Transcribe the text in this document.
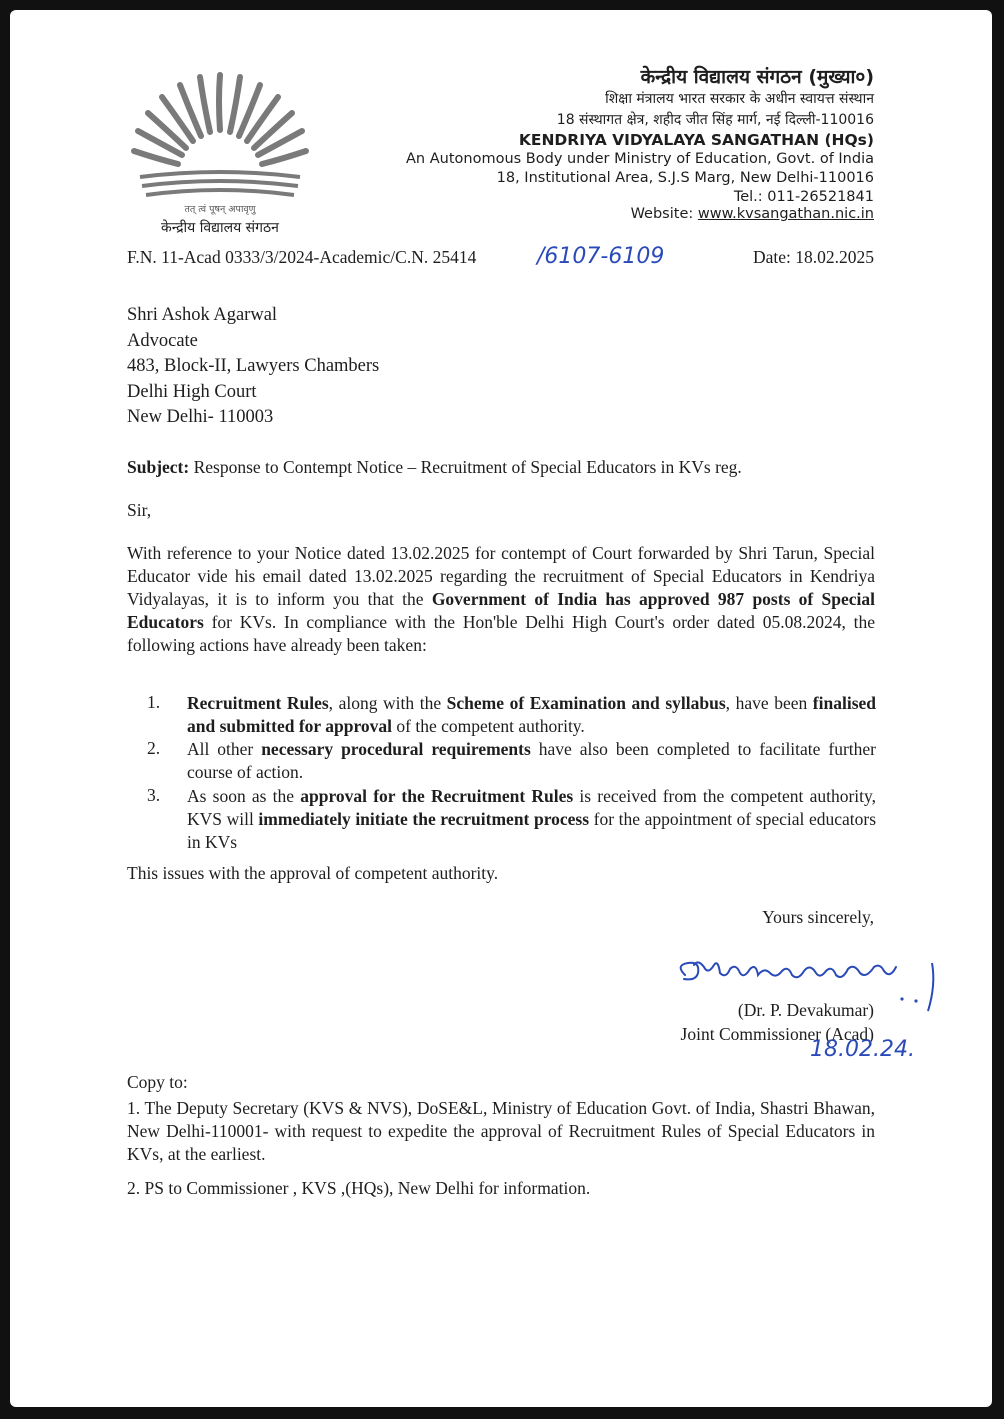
तत् त्वं पूषन् अपावृणु
केन्द्रीय विद्यालय संगठन
केन्द्रीय विद्यालय संगठन (मुख्या०)
शिक्षा मंत्रालय भारत सरकार के अधीन स्वायत्त संस्थान
18 संस्थागत क्षेत्र, शहीद जीत सिंह मार्ग, नई दिल्ली-110016
KENDRIYA VIDYALAYA SANGATHAN (HQs)
An Autonomous Body under Ministry of Education, Govt. of India
18, Institutional Area, S.J.S Marg, New Delhi-110016
Tel.: 011-26521841
Website: www.kvsangathan.nic.in
F.N. 11-Acad 0333/3/2024-Academic/C.N. 25414	/6107-6109	Date: 18.02.2025
Shri Ashok Agarwal
Advocate
483, Block-II, Lawyers Chambers
Delhi High Court
New Delhi- 110003
Subject: Response to Contempt Notice – Recruitment of Special Educators in KVs reg.
Sir,
With reference to your Notice dated 13.02.2025 for contempt of Court forwarded by Shri Tarun, Special Educator vide his email dated 13.02.2025 regarding the recruitment of Special Educators in Kendriya Vidyalayas, it is to inform you that the Government of India has approved 987 posts of Special Educators for KVs. In compliance with the Hon'ble Delhi High Court's order dated 05.08.2024, the following actions have already been taken:
1. Recruitment Rules, along with the Scheme of Examination and syllabus, have been finalised and submitted for approval of the competent authority.
2. All other necessary procedural requirements have also been completed to facilitate further course of action.
3. As soon as the approval for the Recruitment Rules is received from the competent authority, KVS will immediately initiate the recruitment process for the appointment of special educators in KVs
This issues with the approval of competent authority.
Yours sincerely,
(Dr. P. Devakumar)
Joint Commissioner (Acad)
18.02.24.
Copy to:
1. The Deputy Secretary (KVS & NVS), DoSE&L, Ministry of Education Govt. of India, Shastri Bhawan, New Delhi-110001- with request to expedite the approval of Recruitment Rules of Special Educators in KVs, at the earliest.
2. PS to Commissioner , KVS ,(HQs), New Delhi for information.
